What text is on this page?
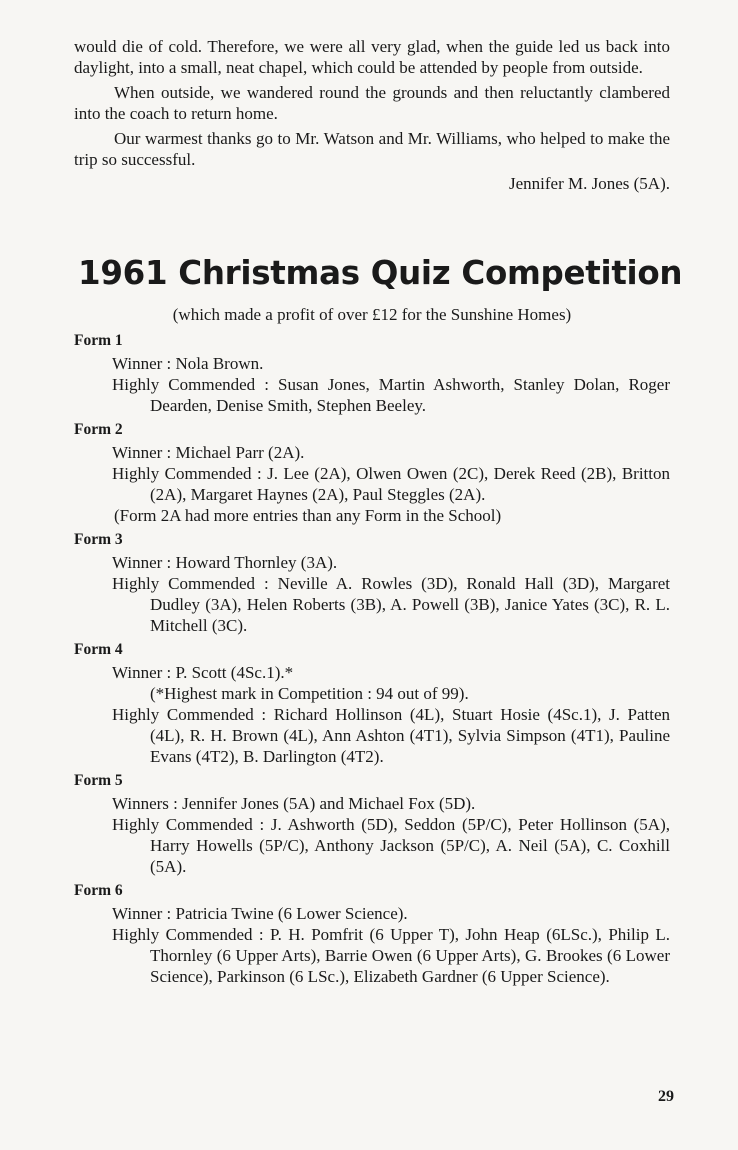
would die of cold. Therefore, we were all very glad, when the guide led us back into daylight, into a small, neat chapel, which could be attended by people from outside.

When outside, we wandered round the grounds and then reluctantly clambered into the coach to return home.

Our warmest thanks go to Mr. Watson and Mr. Williams, who helped to make the trip so successful.

Jennifer M. Jones (5A).

1961 Christmas Quiz Competition

(which made a profit of over £12 for the Sunshine Homes)

Form 1

Winner : Nola Brown.

Highly Commended : Susan Jones, Martin Ashworth, Stanley Dolan, Roger Dearden, Denise Smith, Stephen Beeley.

Form 2

Winner : Michael Parr (2A).

Highly Commended : J. Lee (2A), Olwen Owen (2C), Derek Reed (2B), Britton (2A), Margaret Haynes (2A), Paul Steggles (2A).

(Form 2A had more entries than any Form in the School)

Form 3

Winner : Howard Thornley (3A).

Highly Commended : Neville A. Rowles (3D), Ronald Hall (3D), Margaret Dudley (3A), Helen Roberts (3B), A. Powell (3B), Janice Yates (3C), R. L. Mitchell (3C).

Form 4

Winner : P. Scott (4Sc.1).*

(*Highest mark in Competition : 94 out of 99).

Highly Commended : Richard Hollinson (4L), Stuart Hosie (4Sc.1), J. Patten (4L), R. H. Brown (4L), Ann Ashton (4T1), Sylvia Simpson (4T1), Pauline Evans (4T2), B. Darlington (4T2).

Form 5

Winners : Jennifer Jones (5A) and Michael Fox (5D).

Highly Commended : J. Ashworth (5D), Seddon (5P/C), Peter Hollinson (5A), Harry Howells (5P/C), Anthony Jackson (5P/C), A. Neil (5A), C. Coxhill (5A).

Form 6

Winner : Patricia Twine (6 Lower Science).

Highly Commended : P. H. Pomfrit (6 Upper T), John Heap (6LSc.), Philip L. Thornley (6 Upper Arts), Barrie Owen (6 Upper Arts), G. Brookes (6 Lower Science), Parkinson (6 LSc.), Elizabeth Gardner (6 Upper Science).

29
